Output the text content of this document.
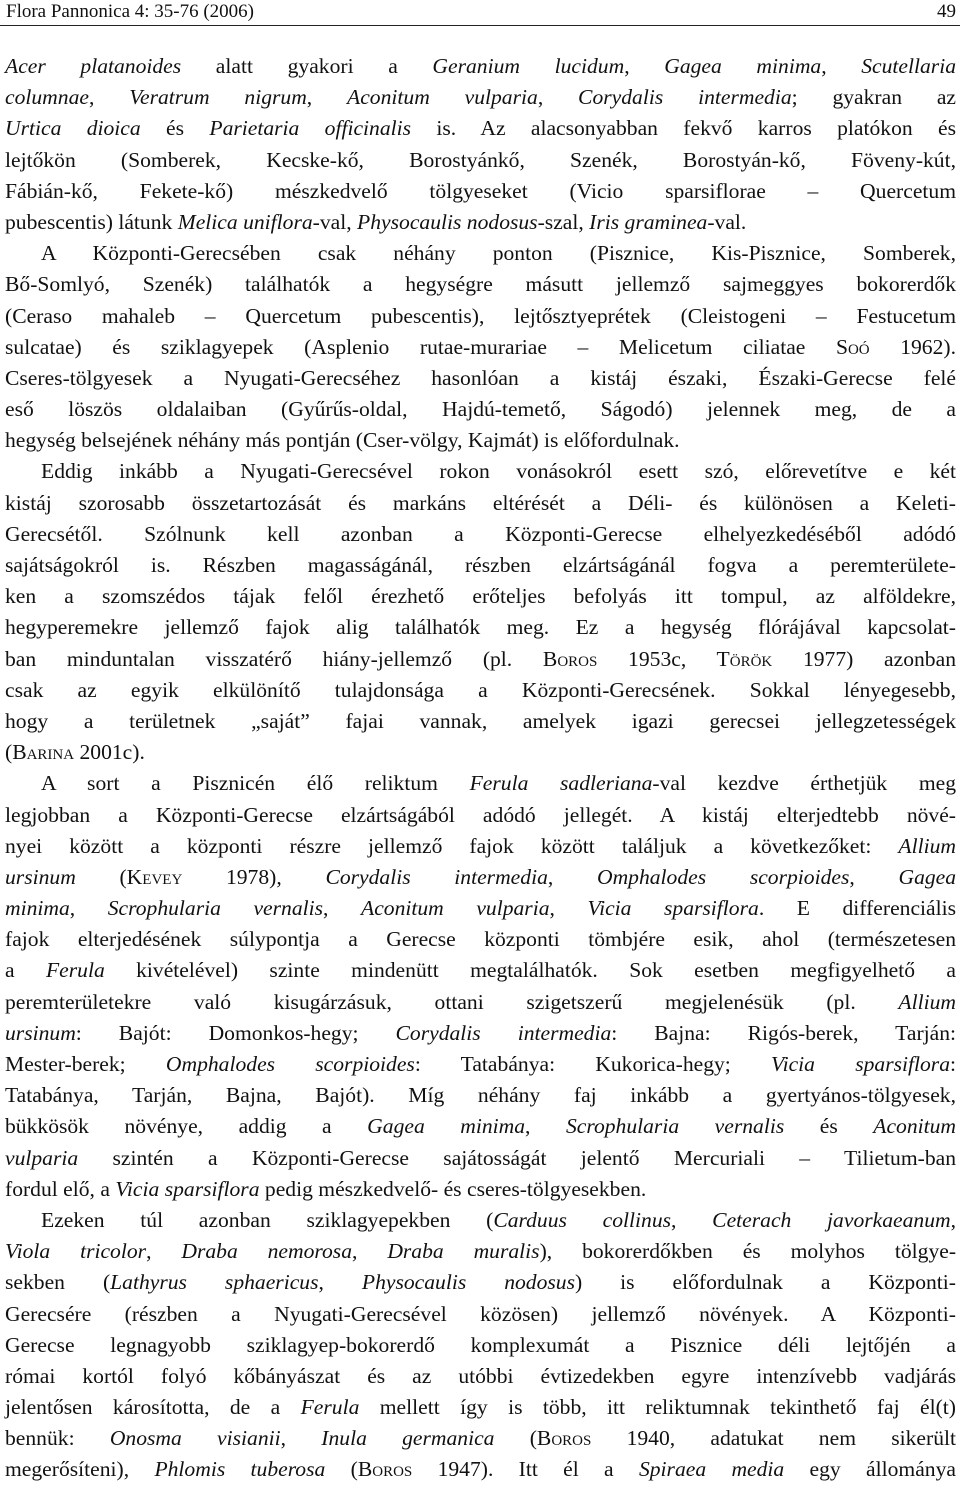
Flora Pannonica 4: 35-76 (2006)	49
Acer platanoides alatt gyakori a Geranium lucidum, Gagea minima, Scutellaria
columnae, Veratrum nigrum, Aconitum vulparia, Corydalis intermedia; gyakran az
Urtica dioica és Parietaria officinalis is. Az alacsonyabban fekvő karros platókon és
lejtőkön (Somberek, Kecske-kő, Borostyánkő, Szenék, Borostyán-kő, Föveny-kút,
Fábián-kő, Fekete-kő) mészkedvelő tölgyeseket (Vicio sparsiflorae – Quercetum
pubescentis) látunk Melica uniflora-val, Physocaulis nodosus-szal, Iris graminea-val.
A Központi-Gerecsében csak néhány ponton (Pisznice, Kis-Pisznice, Somberek,
Bő-Somlyó, Szenék) találhatók a hegységre másutt jellemző sajmeggyes bokorerdők
(Ceraso mahaleb – Quercetum pubescentis), lejtősztyeprétek (Cleistogeni – Festucetum
sulcatae) és sziklagyepek (Asplenio rutae-murariae – Melicetum ciliatae Soó 1962).
Cseres-tölgyesek a Nyugati-Gerecséhez hasonlóan a kistáj északi, Északi-Gerecse felé
eső löszös oldalaiban (Gyűrűs-oldal, Hajdú-temető, Ságodó) jelennek meg, de a
hegység belsejének néhány más pontján (Cser-völgy, Kajmát) is előfordulnak.
Eddig inkább a Nyugati-Gerecsével rokon vonásokról esett szó, előrevetítve e két
kistáj szorosabb összetartozását és markáns eltérését a Déli- és különösen a Keleti-
Gerecsétől. Szólnunk kell azonban a Központi-Gerecse elhelyezkedéséből adódó
sajátságokról is. Részben magasságánál, részben elzártságánál fogva a peremterülete-
ken a szomszédos tájak felől érezhető erőteljes befolyás itt tompul, az alföldekre,
hegyperemekre jellemző fajok alig találhatók meg. Ez a hegység flórájával kapcsolat-
ban minduntalan visszatérő hiány-jellemző (pl. Boros 1953c, Török 1977) azonban
csak az egyik elkülönítő tulajdonsága a Központi-Gerecsének. Sokkal lényegesebb,
hogy a területnek „saját” fajai vannak, amelyek igazi gerecsei jellegzetességek
(Barina 2001c).
A sort a Pisznicén élő reliktum Ferula sadleriana-val kezdve érthetjük meg
legjobban a Központi-Gerecse elzártságából adódó jellegét. A kistáj elterjedtebb növé-
nyei között a központi részre jellemző fajok között találjuk a következőket: Allium
ursinum (Kevey 1978), Corydalis intermedia, Omphalodes scorpioides, Gagea
minima, Scrophularia vernalis, Aconitum vulparia, Vicia sparsiflora. E differenciális
fajok elterjedésének súlypontja a Gerecse központi tömbjére esik, ahol (természetesen
a Ferula kivételével) szinte mindenütt megtalálhatók. Sok esetben megfigyelhető a
peremterületekre való kisugárzásuk, ottani szigetszerű megjelenésük (pl. Allium
ursinum: Bajót: Domonkos-hegy; Corydalis intermedia: Bajna: Rigós-berek, Tarján:
Mester-berek; Omphalodes scorpioides: Tatabánya: Kukorica-hegy; Vicia sparsiflora:
Tatabánya, Tarján, Bajna, Bajót). Míg néhány faj inkább a gyertyános-tölgyesek,
bükkösök növénye, addig a Gagea minima, Scrophularia vernalis és Aconitum
vulparia szintén a Központi-Gerecse sajátosságát jelentő Mercuriali – Tilietum-ban
fordul elő, a Vicia sparsiflora pedig mészkedvelő- és cseres-tölgyesekben.
Ezeken túl azonban sziklagyepekben (Carduus collinus, Ceterach javorkaeanum,
Viola tricolor, Draba nemorosa, Draba muralis), bokorerdőkben és molyhos tölgye-
sekben (Lathyrus sphaericus, Physocaulis nodosus) is előfordulnak a Központi-
Gerecsére (részben a Nyugati-Gerecsével közösen) jellemző növények. A Központi-
Gerecse legnagyobb sziklagyep-bokorerdő komplexumát a Pisznice déli lejtőjén a
római kortól folyó kőbányászat és az utóbbi évtizedekben egyre intenzívebb vadjárás
jelentősen károsította, de a Ferula mellett így is több, itt reliktumnak tekinthető faj él(t)
bennük: Onosma visianii, Inula germanica (Boros 1940, adatukat nem sikerült
megerősíteni), Phlomis tuberosa (Boros 1947). Itt él a Spiraea media egy állománya
